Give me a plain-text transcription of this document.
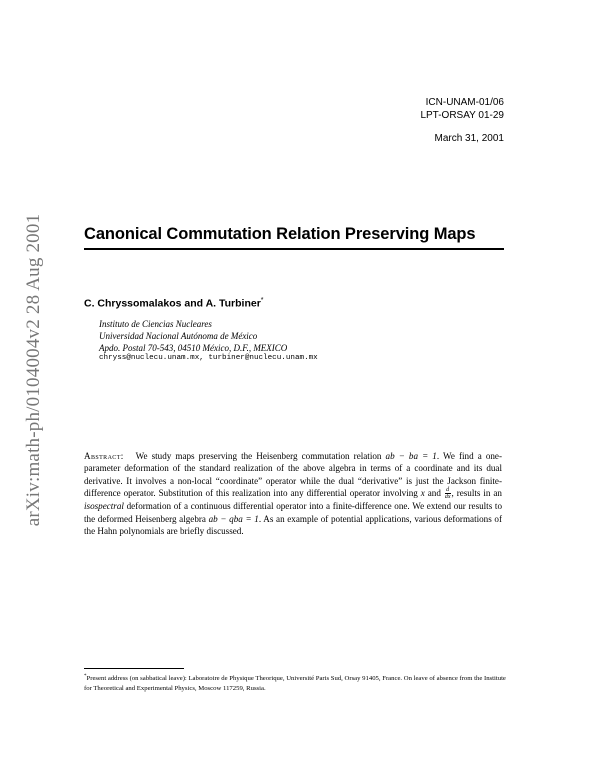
arXiv:math-ph/0104004v2 28 Aug 2001
ICN-UNAM-01/06
LPT-ORSAY 01-29
March 31, 2001
Canonical Commutation Relation Preserving Maps
C. Chryssomalakos and A. Turbiner*
Instituto de Ciencias Nucleares
Universidad Nacional Autónoma de México
Apdo. Postal 70-543, 04510 México, D.F., MEXICO
chryss@nuclecu.unam.mx, turbiner@nuclecu.unam.mx
Abstract: We study maps preserving the Heisenberg commutation relation ab − ba = 1. We find a one-parameter deformation of the standard realization of the above algebra in terms of a coordinate and its dual derivative. It involves a non-local “coordinate” operator while the dual “derivative” is just the Jackson finite-difference operator. Substitution of this realization into any differential operator involving x and $\frac{d}{dx}$ , results in an isospectral deformation of a continuous differential operator into a finite-difference one. We extend our results to the deformed Heisenberg algebra ab − qba = 1. As an example of potential applications, various deformations of the Hahn polynomials are briefly discussed.
*Present address (on sabbatical leave): Laboratoire de Physique Theorique, Université Paris Sud, Orsay 91405, France. On leave of absence from the Institute for Theoretical and Experimental Physics, Moscow 117259, Russia.
